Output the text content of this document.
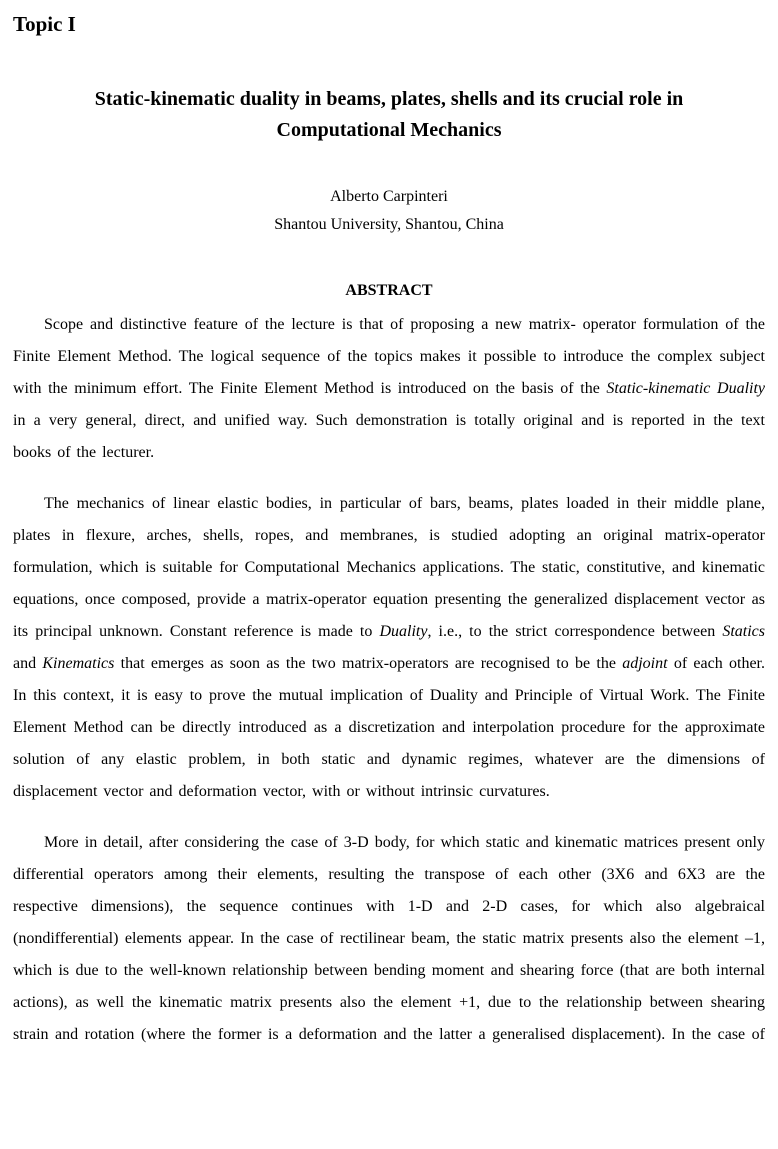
Topic I
Static-kinematic duality in beams, plates, shells and its crucial role in
Computational Mechanics
Alberto Carpinteri
Shantou University, Shantou, China
ABSTRACT

Scope and distinctive feature of the lecture is that of proposing a new matrix- operator formulation of the Finite Element Method. The logical sequence of the topics makes it possible to introduce the complex subject with the minimum effort. The Finite Element Method is introduced on the basis of the Static-kinematic Duality in a very general, direct, and unified way. Such demonstration is totally original and is reported in the text books of the lecturer.

The mechanics of linear elastic bodies, in particular of bars, beams, plates loaded in their middle plane, plates in flexure, arches, shells, ropes, and membranes, is studied adopting an original matrix-operator formulation, which is suitable for Computational Mechanics applications. The static, constitutive, and kinematic equations, once composed, provide a matrix-operator equation presenting the generalized displacement vector as its principal unknown. Constant reference is made to Duality, i.e., to the strict correspondence between Statics and Kinematics that emerges as soon as the two matrix-operators are recognised to be the adjoint of each other. In this context, it is easy to prove the mutual implication of Duality and Principle of Virtual Work. The Finite Element Method can be directly introduced as a discretization and interpolation procedure for the approximate solution of any elastic problem, in both static and dynamic regimes, whatever are the dimensions of displacement vector and deformation vector, with or without intrinsic curvatures.

More in detail, after considering the case of 3-D body, for which static and kinematic matrices present only differential operators among their elements, resulting the transpose of each other (3X6 and 6X3 are the respective dimensions), the sequence continues with 1-D and 2-D cases, for which also algebraical (nondifferential) elements appear. In the case of rectilinear beam, the static matrix presents also the element –1, which is due to the well-known relationship between bending moment and shearing force (that are both internal actions), as well the kinematic matrix presents also the element +1, due to the relationship between shearing strain and rotation (where the former is a deformation and the latter a generalised displacement). In the case of
